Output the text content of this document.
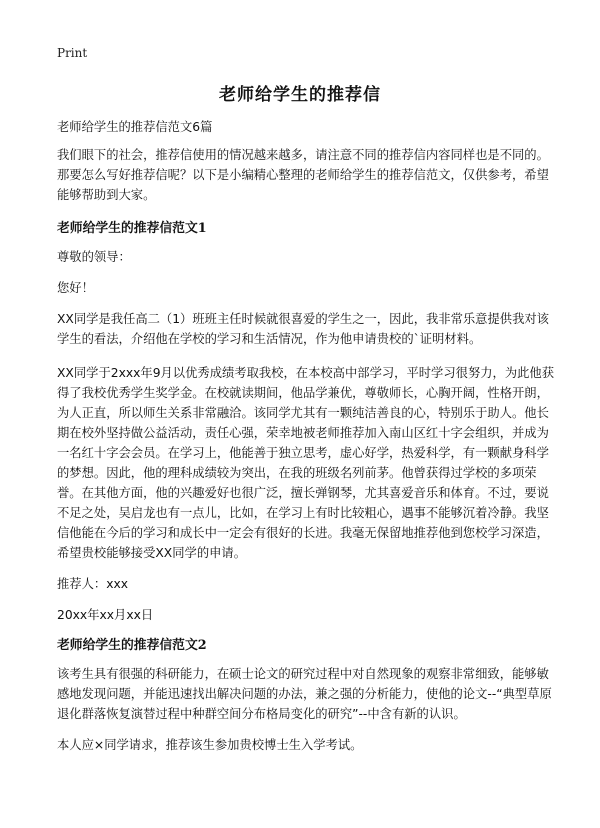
Print
老师给学生的推荐信

老师给学生的推荐信范文6篇

我们眼下的社会，推荐信使用的情况越来越多，请注意不同的推荐信内容同样也是不同的。那要怎么写好推荐信呢？以下是小编精心整理的老师给学生的推荐信范文，仅供参考，希望能够帮助到大家。

老师给学生的推荐信范文1

尊敬的领导：

您好！

XX同学是我任高二（1）班班主任时候就很喜爱的学生之一，因此，我非常乐意提供我对该学生的看法，介绍他在学校的学习和生活情况，作为他申请贵校的`证明材料。

XX同学于2xxx年9月以优秀成绩考取我校，在本校高中部学习，平时学习很努力，为此他获得了我校优秀学生奖学金。在校就读期间，他品学兼优，尊敬师长，心胸开阔，性格开朗，为人正直，所以师生关系非常融洽。该同学尤其有一颗纯洁善良的心，特别乐于助人。他长期在校外坚持做公益活动，责任心强，荣幸地被老师推荐加入南山区红十字会组织，并成为一名红十字会会员。在学习上，他能善于独立思考，虚心好学，热爱科学，有一颗献身科学的梦想。因此，他的理科成绩较为突出，在我的班级名列前茅。他曾获得过学校的多项荣誉。在其他方面，他的兴趣爱好也很广泛，擅长弹钢琴，尤其喜爱音乐和体育。不过，要说不足之处，吴启龙也有一点儿，比如，在学习上有时比较粗心，遇事不能够沉着冷静。我坚信他能在今后的学习和成长中一定会有很好的长进。我毫无保留地推荐他到您校学习深造，希望贵校能够接受XX同学的申请。

推荐人：xxx

20xx年xx月xx日

老师给学生的推荐信范文2

该考生具有很强的科研能力，在硕士论文的研究过程中对自然现象的观察非常细致，能够敏感地发现问题，并能迅速找出解决问题的办法，兼之强的分析能力，使他的论文--“典型草原退化群落恢复演替过程中种群空间分布格局变化的研究”--中含有新的认识。

本人应×同学请求，推荐该生参加贵校博士生入学考试。
